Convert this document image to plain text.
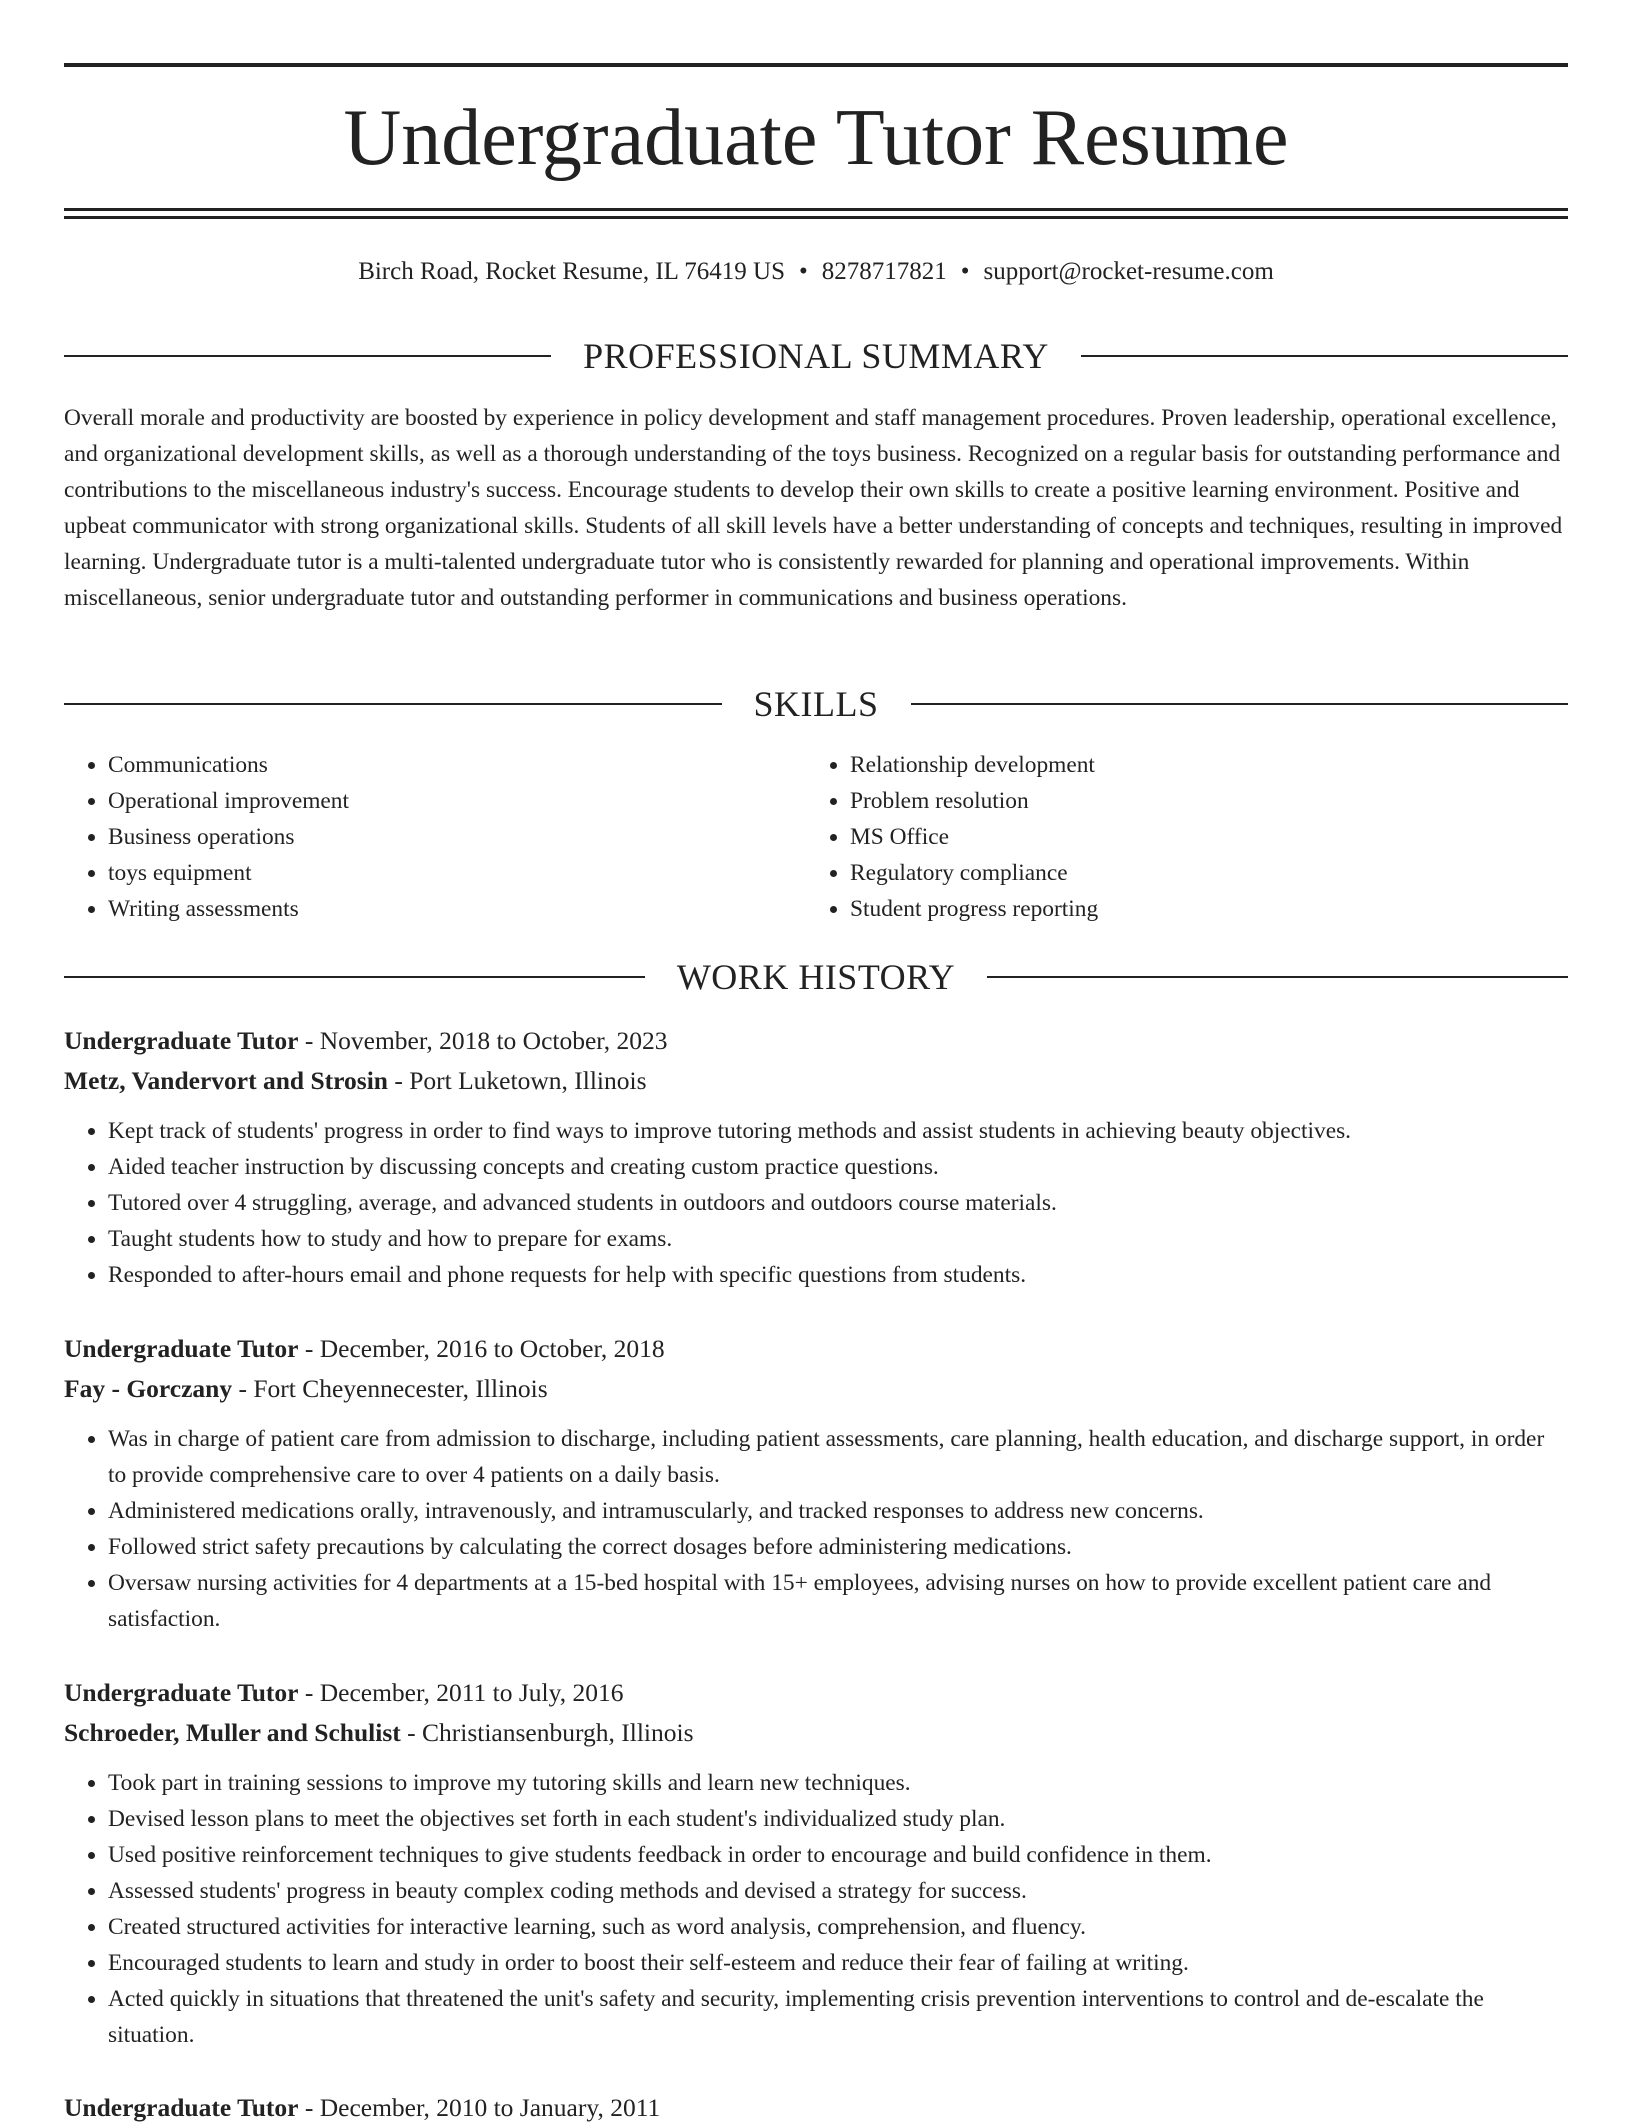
Undergraduate Tutor Resume
Birch Road, Rocket Resume, IL 76419 US • 8278717821 • support@rocket-resume.com
PROFESSIONAL SUMMARY

Overall morale and productivity are boosted by experience in policy development and staff management procedures. Proven leadership, operational excellence, and organizational development skills, as well as a thorough understanding of the toys business. Recognized on a regular basis for outstanding performance and contributions to the miscellaneous industry's success. Encourage students to develop their own skills to create a positive learning environment. Positive and upbeat communicator with strong organizational skills. Students of all skill levels have a better understanding of concepts and techniques, resulting in improved learning. Undergraduate tutor is a multi-talented undergraduate tutor who is consistently rewarded for planning and operational improvements. Within miscellaneous, senior undergraduate tutor and outstanding performer in communications and business operations.

SKILLS
• Communications
• Operational improvement
• Business operations
• toys equipment
• Writing assessments
• Relationship development
• Problem resolution
• MS Office
• Regulatory compliance
• Student progress reporting
WORK HISTORY
Undergraduate Tutor - November, 2018 to October, 2023
Metz, Vandervort and Strosin - Port Luketown, Illinois
• Kept track of students' progress in order to find ways to improve tutoring methods and assist students in achieving beauty objectives.
• Aided teacher instruction by discussing concepts and creating custom practice questions.
• Tutored over 4 struggling, average, and advanced students in outdoors and outdoors course materials.
• Taught students how to study and how to prepare for exams.
• Responded to after-hours email and phone requests for help with specific questions from students.
Undergraduate Tutor - December, 2016 to October, 2018
Fay - Gorczany - Fort Cheyennecester, Illinois
• Was in charge of patient care from admission to discharge, including patient assessments, care planning, health education, and discharge support, in order to provide comprehensive care to over 4 patients on a daily basis.
• Administered medications orally, intravenously, and intramuscularly, and tracked responses to address new concerns.
• Followed strict safety precautions by calculating the correct dosages before administering medications.
• Oversaw nursing activities for 4 departments at a 15-bed hospital with 15+ employees, advising nurses on how to provide excellent patient care and satisfaction.
Undergraduate Tutor - December, 2011 to July, 2016
Schroeder, Muller and Schulist - Christiansenburgh, Illinois
• Took part in training sessions to improve my tutoring skills and learn new techniques.
• Devised lesson plans to meet the objectives set forth in each student's individualized study plan.
• Used positive reinforcement techniques to give students feedback in order to encourage and build confidence in them.
• Assessed students' progress in beauty complex coding methods and devised a strategy for success.
• Created structured activities for interactive learning, such as word analysis, comprehension, and fluency.
• Encouraged students to learn and study in order to boost their self-esteem and reduce their fear of failing at writing.
• Acted quickly in situations that threatened the unit's safety and security, implementing crisis prevention interventions to control and de-escalate the situation.
Undergraduate Tutor - December, 2010 to January, 2011
